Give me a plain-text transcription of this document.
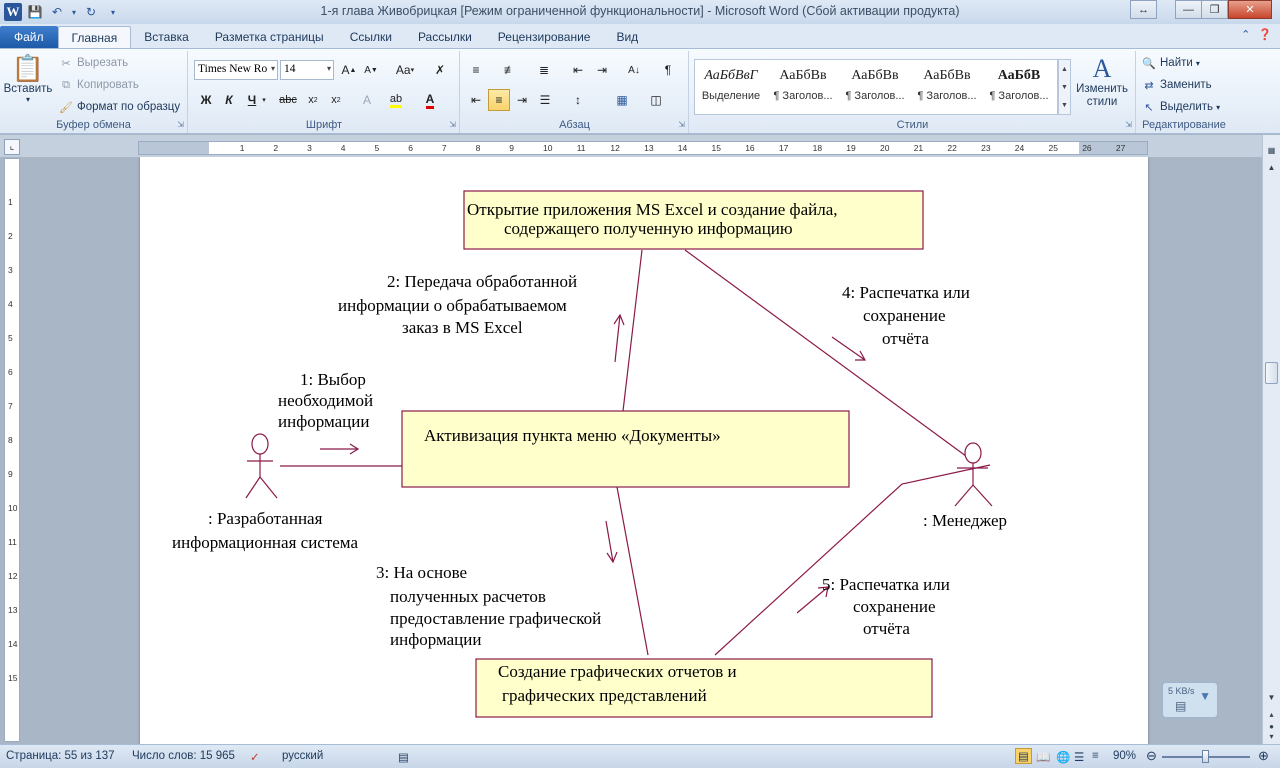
W 💾 ↶	▾ ↻	▾	1-я глава Живобрицкая [Режим ограниченной функциональности] - Microsoft Word (Сбой активации продукта)	↔	—	❐	✕
Файл	Главная	Вставка	Разметка страницы	Ссылки	Рассылки	Рецензирование	Вид	⌃ ❓
📋
Вставить
▾
✂ Вырезать
⧉ Копировать
🖌 Формат по образцу
Буфер обмена	⇲
Times New Ro ▾ 14	▾ A ▲ A ▼ Aa ▾	✗
Ж	К	Ч ▾	abc	x 2	x 2	A	ab A
Шрифт	⇲
≡	≢	≣	⇤	⇥	A↓	¶
⇤	≡	⇥	☰	↕	▦	◫
Абзац	⇲	Стили	⇲
АаБбВвГ
Выделение
АаБбВв
¶ Заголов...
АаБбВв
¶ Заголов...
АаБбВв
¶ Заголов...
АаБбВ
¶ Заголов...
▲
▼
▼
A
Изменить стили
🔍 Найти ▾
⇄ Заменить
↖ Выделить ▾
Редактирование
⌞	1	2	3	4	5	6	7	8	9	10	11	12	13	14	15	16	17	18	19	20	21	22	23	24	25	26	27
1
2
3
4
5
6
7
8
9
10
11
12
13
14
15
Открытие приложения MS Excel и создание файла,
содержащего полученную информацию
Активизация пункта меню «Документы»
Создание графических отчетов и
графических представлений
: Разработанная
информационная система
: Менеджер
1: Выбор
необходимой
информации
2: Передача обработанной
информации о обрабатываемом
заказ в MS Excel
3: На основе
полученных расчетов
предоставление графической
информации
4: Распечатка или
сохранение
отчёта
5: Распечатка или
сохранение
отчёта
▦
▲
▼
▴
●
▾
5 KB/s
▤
▼
Страница: 55 из 137 Число слов: 15 965 ✓ русский	▤	▤ 📖 🌐 ☰ ≡ 90% ⊖	⊕
